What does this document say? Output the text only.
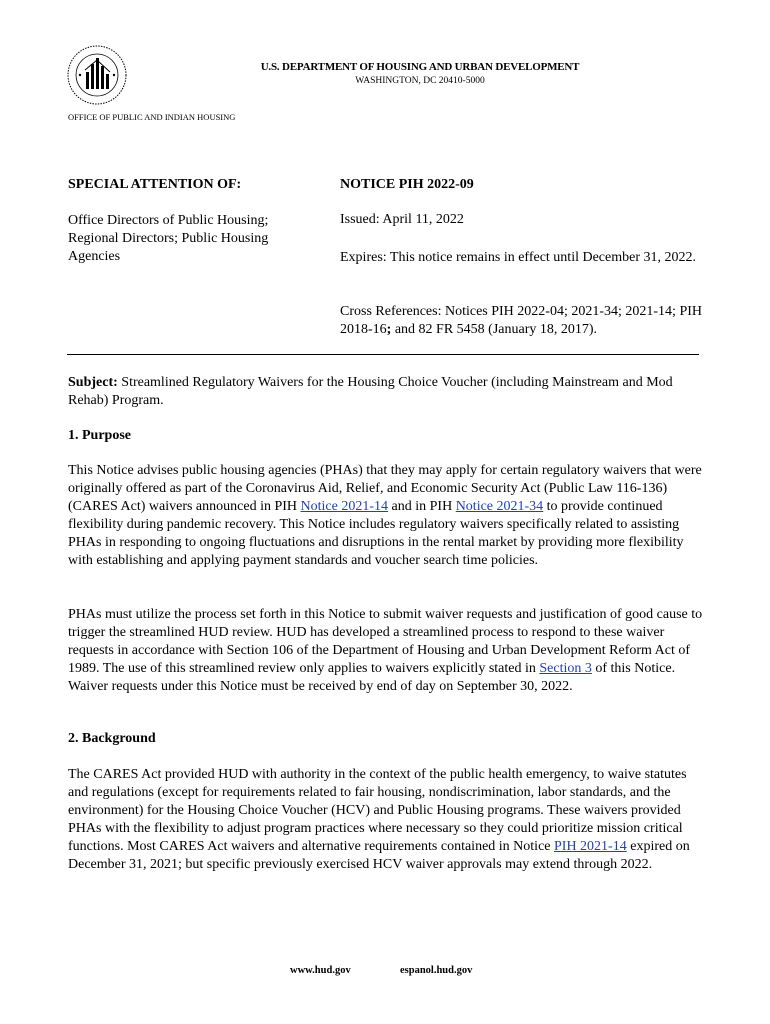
U.S. DEPARTMENT OF HOUSING AND URBAN DEVELOPMENT
WASHINGTON, DC 20410-5000
OFFICE OF PUBLIC AND INDIAN HOUSING
SPECIAL ATTENTION OF:	NOTICE PIH 2022-09
Office Directors of Public Housing; Regional Directors; Public Housing Agencies
Issued: April 11, 2022
Expires: This notice remains in effect until December 31, 2022.
Cross References: Notices PIH 2022-04; 2021-34; 2021-14; PIH 2018-16; and 82 FR 5458 (January 18, 2017).
Subject: Streamlined Regulatory Waivers for the Housing Choice Voucher (including Mainstream and Mod Rehab) Program.
1. Purpose
This Notice advises public housing agencies (PHAs) that they may apply for certain regulatory waivers that were originally offered as part of the Coronavirus Aid, Relief, and Economic Security Act (Public Law 116-136) (CARES Act) waivers announced in PIH Notice 2021-14 and in PIH Notice 2021-34 to provide continued flexibility during pandemic recovery. This Notice includes regulatory waivers specifically related to assisting PHAs in responding to ongoing fluctuations and disruptions in the rental market by providing more flexibility with establishing and applying payment standards and voucher search time policies.
PHAs must utilize the process set forth in this Notice to submit waiver requests and justification of good cause to trigger the streamlined HUD review. HUD has developed a streamlined process to respond to these waiver requests in accordance with Section 106 of the Department of Housing and Urban Development Reform Act of 1989. The use of this streamlined review only applies to waivers explicitly stated in Section 3 of this Notice. Waiver requests under this Notice must be received by end of day on September 30, 2022.
2. Background
The CARES Act provided HUD with authority in the context of the public health emergency, to waive statutes and regulations (except for requirements related to fair housing, nondiscrimination, labor standards, and the environment) for the Housing Choice Voucher (HCV) and Public Housing programs. These waivers provided PHAs with the flexibility to adjust program practices where necessary so they could prioritize mission critical functions. Most CARES Act waivers and alternative requirements contained in Notice PIH 2021-14 expired on December 31, 2021; but specific previously exercised HCV waiver approvals may extend through 2022.
www.hud.gov	espanol.hud.gov
